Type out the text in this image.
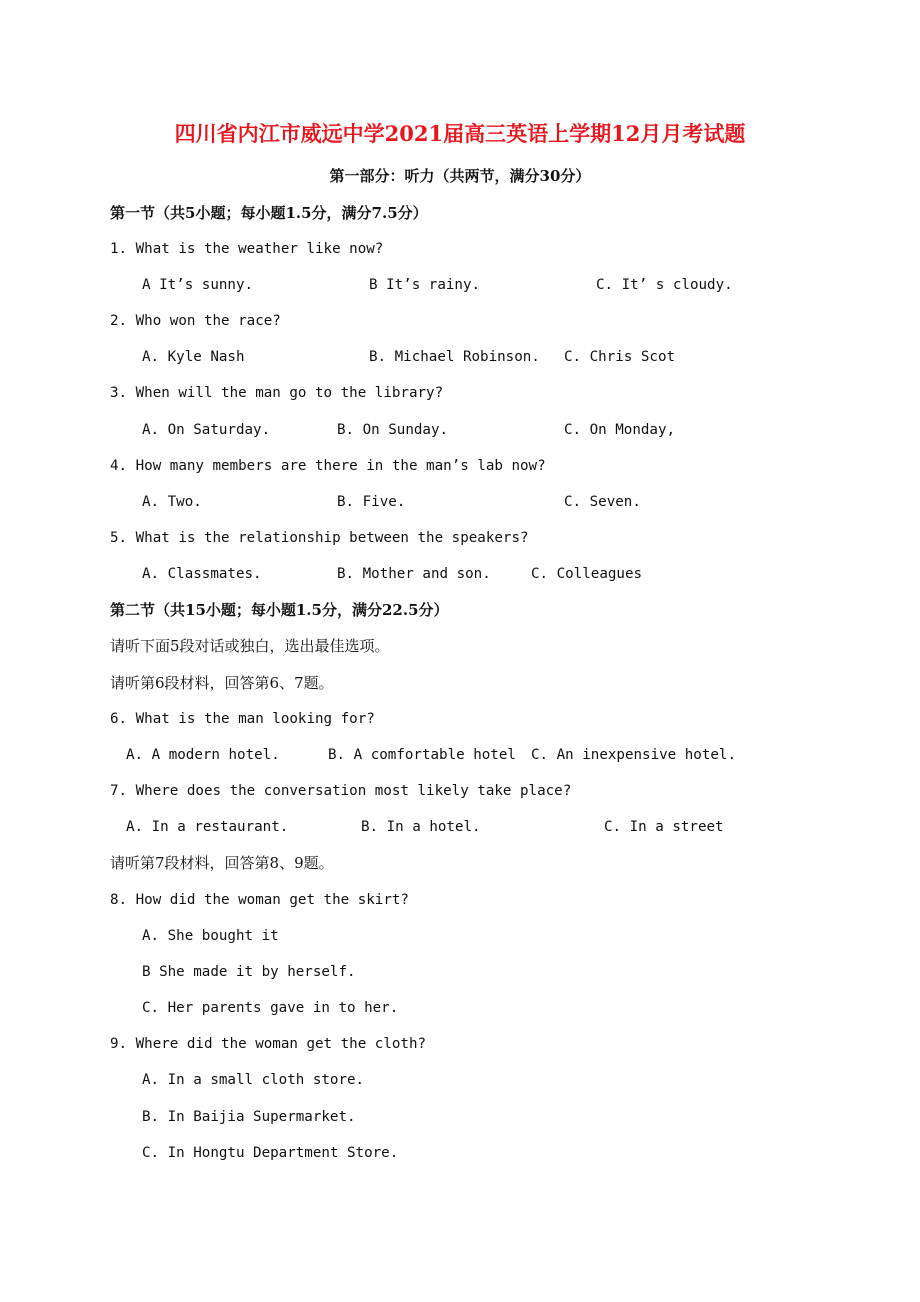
四川省内江市威远中学2021届高三英语上学期12月月考试题
第一部分：听力（共两节，满分30分）
第一节（共5小题；每小题1.5分，满分7.5分）
1. What is the weather like now?
A It’s sunny.	B It’s rainy.	C. It’ s cloudy.
2. Who won the race?
A. Kyle Nash	B. Michael Robinson. C. Chris Scot
3. When will the man go to the library?
A. On Saturday.	B. On Sunday.	C. On Monday,
4. How many members are there in the man’s lab now?
A. Two.	B. Five.	C. Seven.
5. What is the relationship between the speakers?
A. Classmates.	B. Mother and son.	C. Colleagues
第二节（共15小题；每小题1.5分，满分22.5分）
请听下面5段对话或独白，选出最佳选项。
请听第6段材料，回答第6、7题。
6. What is the man looking for?
A. A modern hotel.	B. A comfortable hotel C. An inexpensive hotel.
7. Where does the conversation most likely take place?
A. In a restaurant.	B. In a hotel.	C. In a street
请听第7段材料，回答第8、9题。
8. How did the woman get the skirt?
A. She bought it
B She made it by herself.
C. Her parents gave in to her.
9. Where did the woman get the cloth?
A. In a small cloth store.
B. In Baijia Supermarket.
C. In Hongtu Department Store.
